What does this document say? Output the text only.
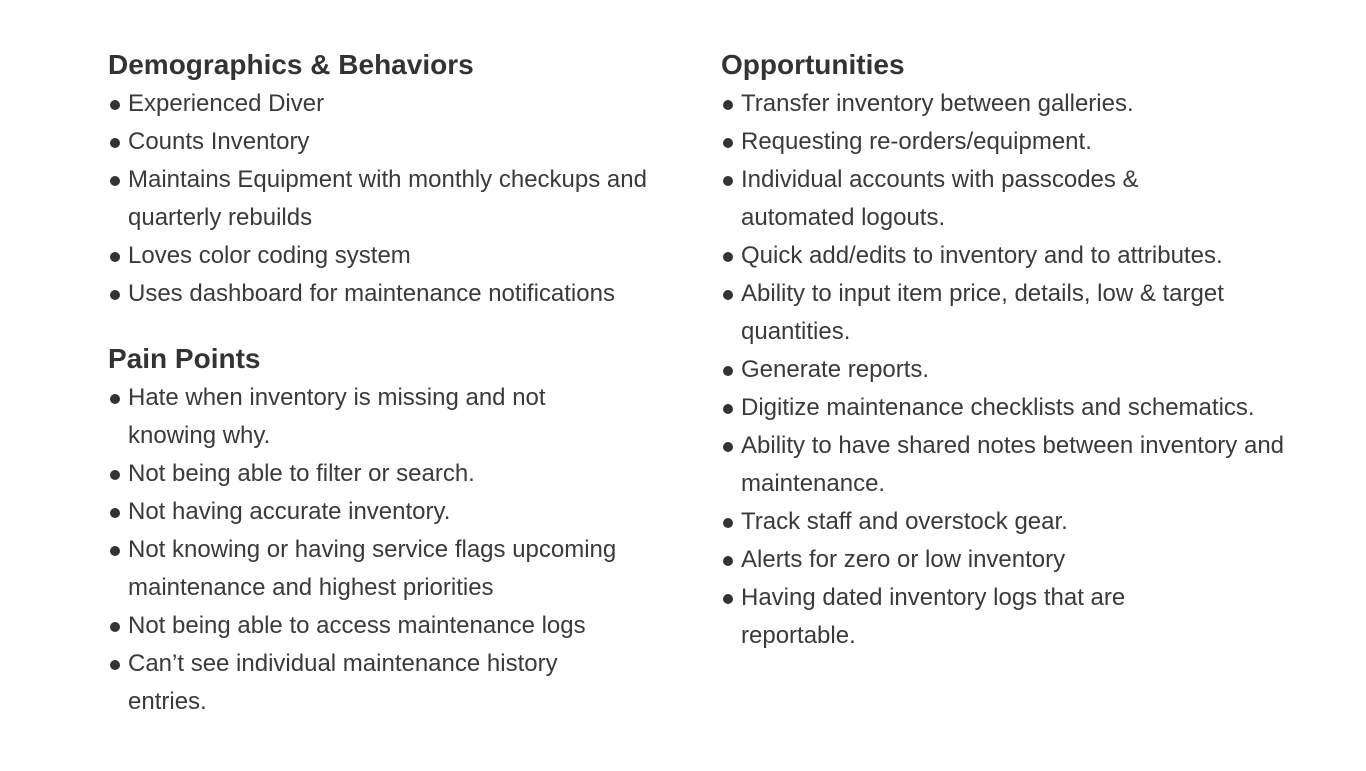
Demographics & Behaviors
Experienced Diver
Counts Inventory
Maintains Equipment with monthly checkups and quarterly rebuilds
Loves color coding system
Uses dashboard for maintenance notifications
Pain Points
Hate when inventory is missing and not knowing why.
Not being able to filter or search.
Not having accurate inventory.
Not knowing or having service flags upcoming maintenance and highest priorities
Not being able to access maintenance logs
Can’t see individual maintenance history entries.
Opportunities
Transfer inventory between galleries.
Requesting re-orders/equipment.
Individual accounts with passcodes & automated logouts.
Quick add/edits to inventory and to attributes.
Ability to input item price, details, low & target quantities.
Generate reports.
Digitize maintenance checklists and schematics.
Ability to have shared notes between inventory and maintenance.
Track staff and overstock gear.
Alerts for zero or low inventory
Having dated inventory logs that are reportable.
